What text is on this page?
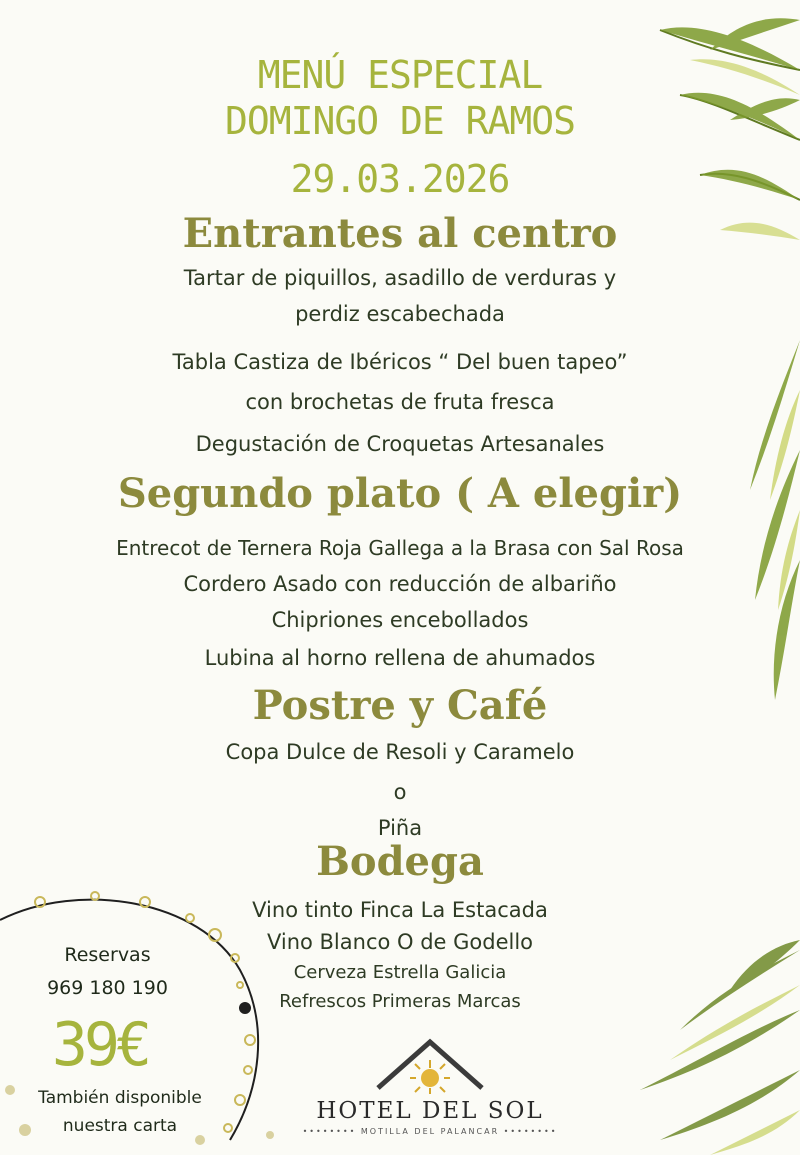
MENÚ ESPECIAL
DOMINGO DE RAMOS
29.03.2026
Entrantes al centro
Tartar de piquillos, asadillo de verduras y
perdiz escabechada
Tabla Castiza de Ibéricos “ Del buen tapeo”
con brochetas de fruta fresca
Degustación de Croquetas Artesanales
Segundo plato ( A elegir)
Entrecot de Ternera Roja Gallega a la Brasa con Sal Rosa
Cordero Asado con reducción de albariño
Chipriones encebollados
Lubina al horno rellena de ahumados
Postre y Café
Copa Dulce de Resoli y Caramelo
o
Piña
Bodega
Vino tinto Finca La Estacada
Vino Blanco O de Godello
Cerveza Estrella Galicia
Refrescos Primeras Marcas
Reservas
969 180 190
39€
También disponible
nuestra carta
HOTEL DEL SOL
•••••••• MOTILLA DEL PALANCAR ••••••••
